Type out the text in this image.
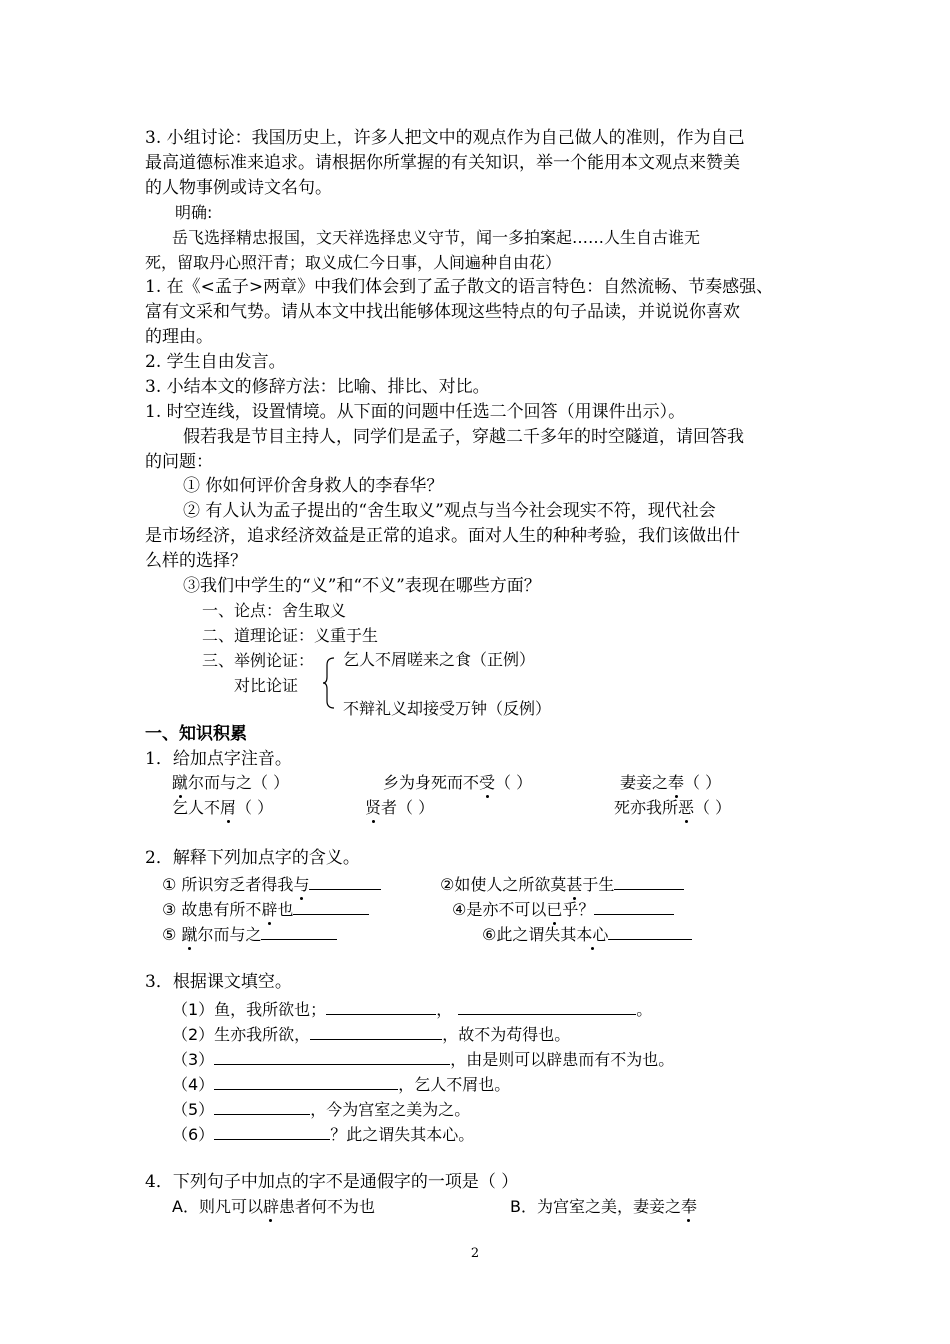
3. 小组讨论：我国历史上，许多人把文中的观点作为自己做人的准则，作为自己
最高道德标准来追求。请根据你所掌握的有关知识，举一个能用本文观点来赞美
的人物事例或诗文名句。
明确:
岳飞选择精忠报国，文天祥选择忠义守节，闻一多拍案起……人生自古谁无
死，留取丹心照汗青；取义成仁今日事，人间遍种自由花）
1. 在《<孟子>两章》中我们体会到了孟子散文的语言特色：自然流畅、节奏感强、
富有文采和气势。请从本文中找出能够体现这些特点的句子品读，并说说你喜欢
的理由。
2. 学生自由发言。
3. 小结本文的修辞方法：比喻、排比、对比。
1. 时空连线，设置情境。从下面的问题中任选二个回答（用课件出示）。
假若我是节目主持人，同学们是孟子，穿越二千多年的时空隧道，请回答我
的问题：
① 你如何评价舍身救人的李春华？
② 有人认为孟子提出的“舍生取义”观点与当今社会现实不符，现代社会
是市场经济，追求经济效益是正常的追求。面对人生的种种考验，我们该做出什
么样的选择？
③我们中学生的“义”和“不义”表现在哪些方面？
一、论点：舍生取义
二、道理论证：义重于生
三、举例论证：
对比论证
乞人不屑嗟来之食（正例）
不辩礼义却接受万钟（反例）
一、知识积累
1．给加点字注音。
蹴尔而与之（ ）	乡为身死而不受（ ）	妻妾之奉（ ）
乞人不屑（ ）	贤者（ ）	死亦我所恶（ ）
2．解释下列加点字的含义。
① 所识穷乏者得我与	②如使人之所欲莫甚于生
③ 故患有所不辟也	④是亦不可以已乎？
⑤ 蹴尔而与之	⑥此之谓失其本心
3．根据课文填空。
（1）鱼，我所欲也；	，	。
（2）生亦我所欲，	，故不为苟得也。
（3）	，由是则可以辟患而有不为也。
（4）	，乞人不屑也。
（5）	，今为宫室之美为之。
（6）	？此之谓失其本心。
4．下列句子中加点的字不是通假字的一项是（ ）
A．则凡可以辟患者何不为也	B．为宫室之美，妻妾之奉
2
